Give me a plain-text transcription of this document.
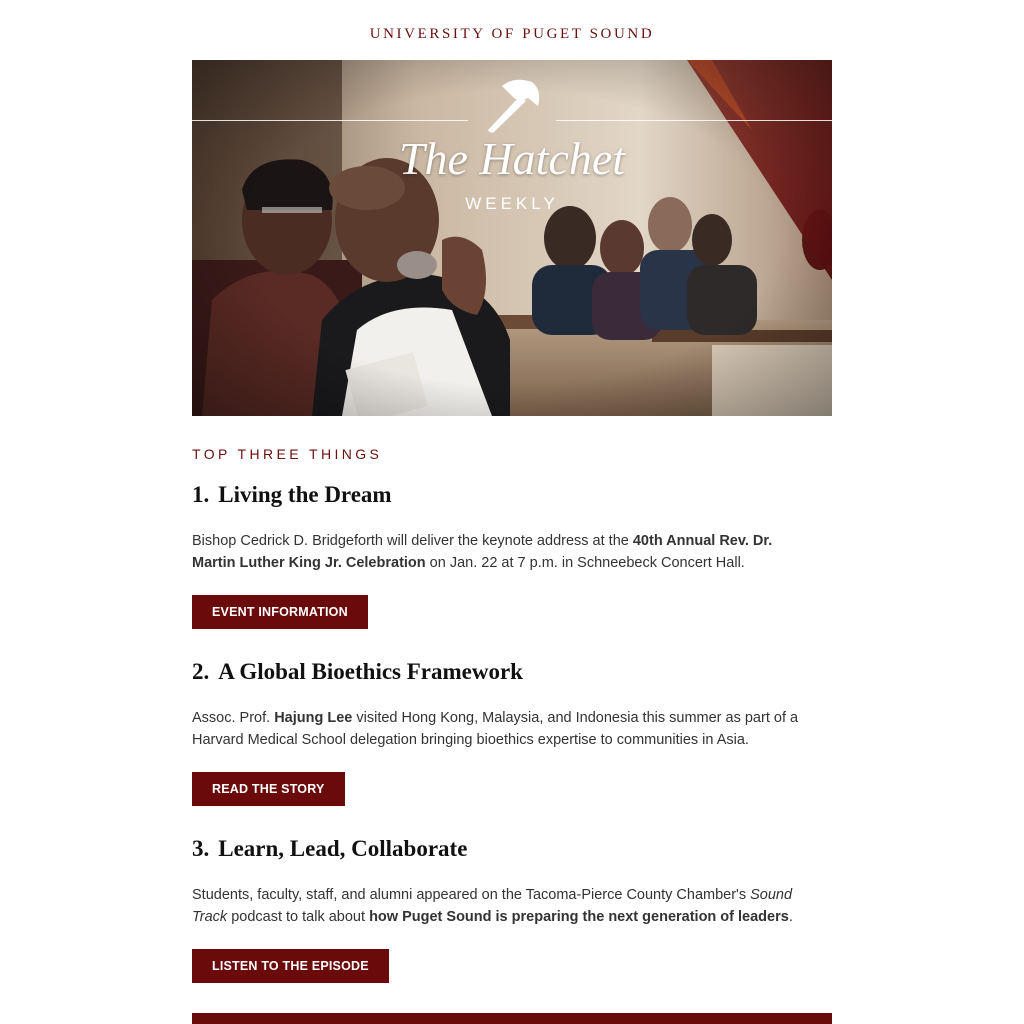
UNIVERSITY OF PUGET SOUND
The Hatchet
WEEKLY
TOP THREE THINGS
1. Living the Dream

Bishop Cedrick D. Bridgeforth will deliver the keynote address at the 40th Annual Rev. Dr. Martin Luther King Jr. Celebration on Jan. 22 at 7 p.m. in Schneebeck Concert Hall.

EVENT INFORMATION
2. A Global Bioethics Framework

Assoc. Prof. Hajung Lee visited Hong Kong, Malaysia, and Indonesia this summer as part of a Harvard Medical School delegation bringing bioethics expertise to communities in Asia.

READ THE STORY
3. Learn, Lead, Collaborate

Students, faculty, staff, and alumni appeared on the Tacoma-Pierce County Chamber's Sound Track podcast to talk about how Puget Sound is preparing the next generation of leaders.

LISTEN TO THE EPISODE
